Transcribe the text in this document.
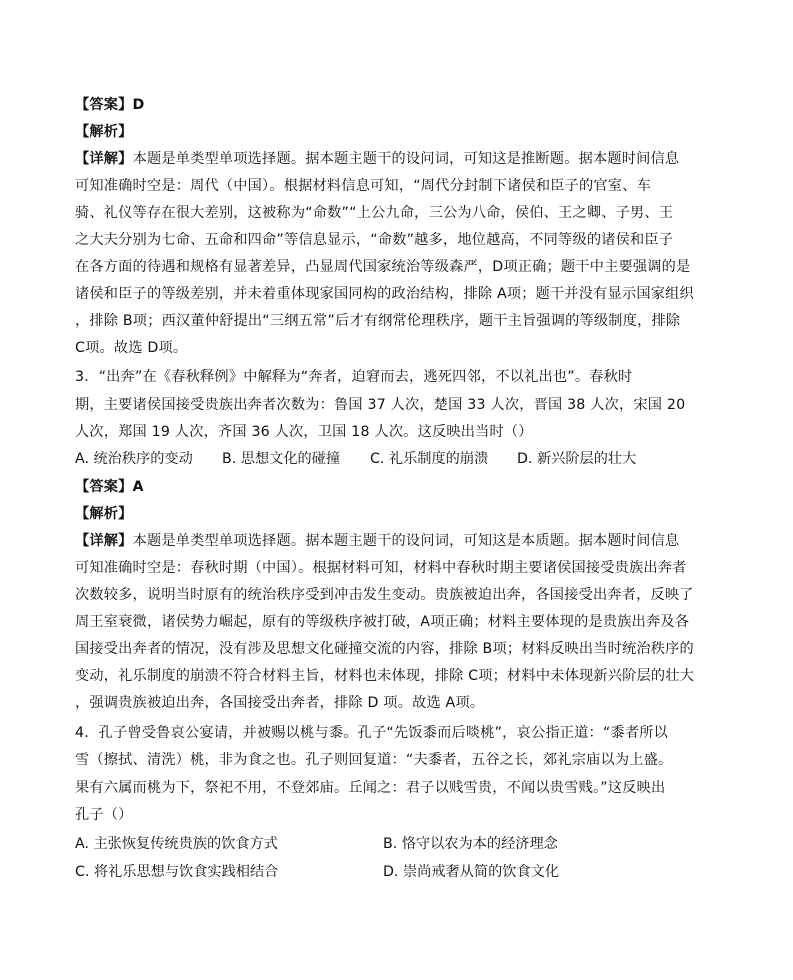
【答案】D
【解析】
【详解】本题是单类型单项选择题。据本题主题干的设问词，可知这是推断题。据本题时间信息
可知准确时空是：周代（中国）。根据材料信息可知，“周代分封制下诸侯和臣子的官室、车
骑、礼仪等存在很大差别，这被称为“命数”“上公九命，三公为八命，侯伯、王之卿、子男、王
之大夫分别为七命、五命和四命”等信息显示，“命数”越多，地位越高，不同等级的诸侯和臣子
在各方面的待遇和规格有显著差异，凸显周代国家统治等级森严，D项正确；题干中主要强调的是
诸侯和臣子的等级差别，并未着重体现家国同构的政治结构，排除 A项；题干并没有显示国家组织
，排除 B项；西汉董仲舒提出“三纲五常”后才有纲常伦理秩序，题干主旨强调的等级制度，排除
C项。故选 D项。
3．“出奔”在《春秋释例》中解释为“奔者，迫窘而去，逃死四邻，不以礼出也”。春秋时
期，主要诸侯国接受贵族出奔者次数为：鲁国 37 人次，楚国 33 人次，晋国 38 人次，宋国 20
人次，郑国 19 人次，齐国 36 人次，卫国 18 人次。这反映出当时（）
A. 统治秩序的变动 B. 思想文化的碰撞 C. 礼乐制度的崩溃 D. 新兴阶层的壮大
【答案】A
【解析】
【详解】本题是单类型单项选择题。据本题主题干的设问词，可知这是本质题。据本题时间信息
可知准确时空是：春秋时期（中国）。根据材料可知，材料中春秋时期主要诸侯国接受贵族出奔者
次数较多，说明当时原有的统治秩序受到冲击发生变动。贵族被迫出奔，各国接受出奔者，反映了
周王室衰微，诸侯势力崛起，原有的等级秩序被打破，A项正确；材料主要体现的是贵族出奔及各
国接受出奔者的情况，没有涉及思想文化碰撞交流的内容，排除 B项；材料反映出当时统治秩序的
变动，礼乐制度的崩溃不符合材料主旨，材料也未体现，排除 C项；材料中未体现新兴阶层的壮大
，强调贵族被迫出奔，各国接受出奔者，排除 D 项。故选 A项。
4．孔子曾受鲁哀公宴请，并被赐以桃与黍。孔子“先饭黍而后啖桃”，哀公指正道：“黍者所以
雪（擦拭、清洗）桃，非为食之也。孔子则回复道：“夫黍者，五谷之长，郊礼宗庙以为上盛。
果有六属而桃为下，祭祀不用，不登郊庙。丘闻之：君子以贱雪贵，不闻以贵雪贱。”这反映出
孔子（）
A. 主张恢复传统贵族的饮食方式	B. 恪守以农为本的经济理念
C. 将礼乐思想与饮食实践相结合	D. 崇尚戒奢从简的饮食文化
